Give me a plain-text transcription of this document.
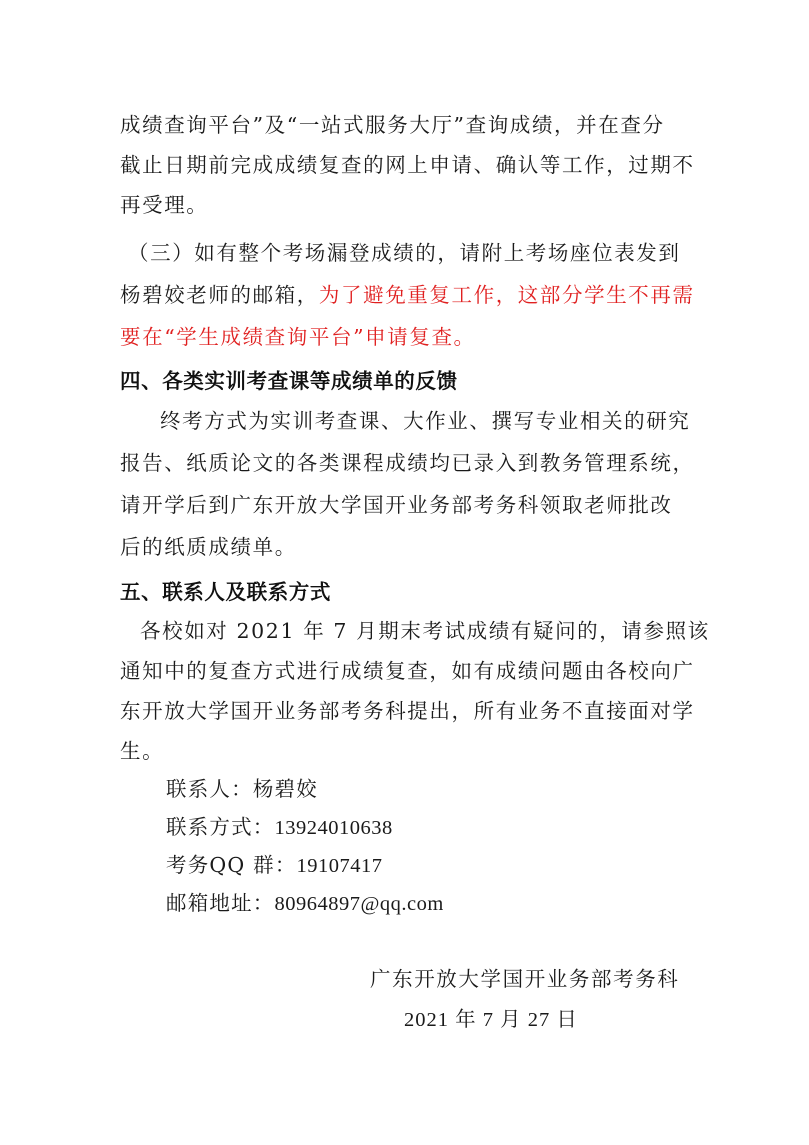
成绩查询平台”及“一站式服务大厅”查询成绩，并在查分
截止日期前完成成绩复查的网上申请、确认等工作，过期不
再受理。
（三）如有整个考场漏登成绩的，请附上考场座位表发到
杨碧姣老师的邮箱，为了避免重复工作，这部分学生不再需
要在“学生成绩查询平台”申请复查。
四、各类实训考查课等成绩单的反馈
终考方式为实训考查课、大作业、撰写专业相关的研究
报告、纸质论文的各类课程成绩均已录入到教务管理系统，
请开学后到广东开放大学国开业务部考务科领取老师批改
后的纸质成绩单。
五、联系人及联系方式
各校如对 2021 年 7 月期末考试成绩有疑问的，请参照该
通知中的复查方式进行成绩复查，如有成绩问题由各校向广
东开放大学国开业务部考务科提出，所有业务不直接面对学
生。
联系人：杨碧姣
联系方式：13924010638
考务QQ 群：19107417
邮箱地址：80964897@qq.com
广东开放大学国开业务部考务科
2021 年 7 月 27 日
